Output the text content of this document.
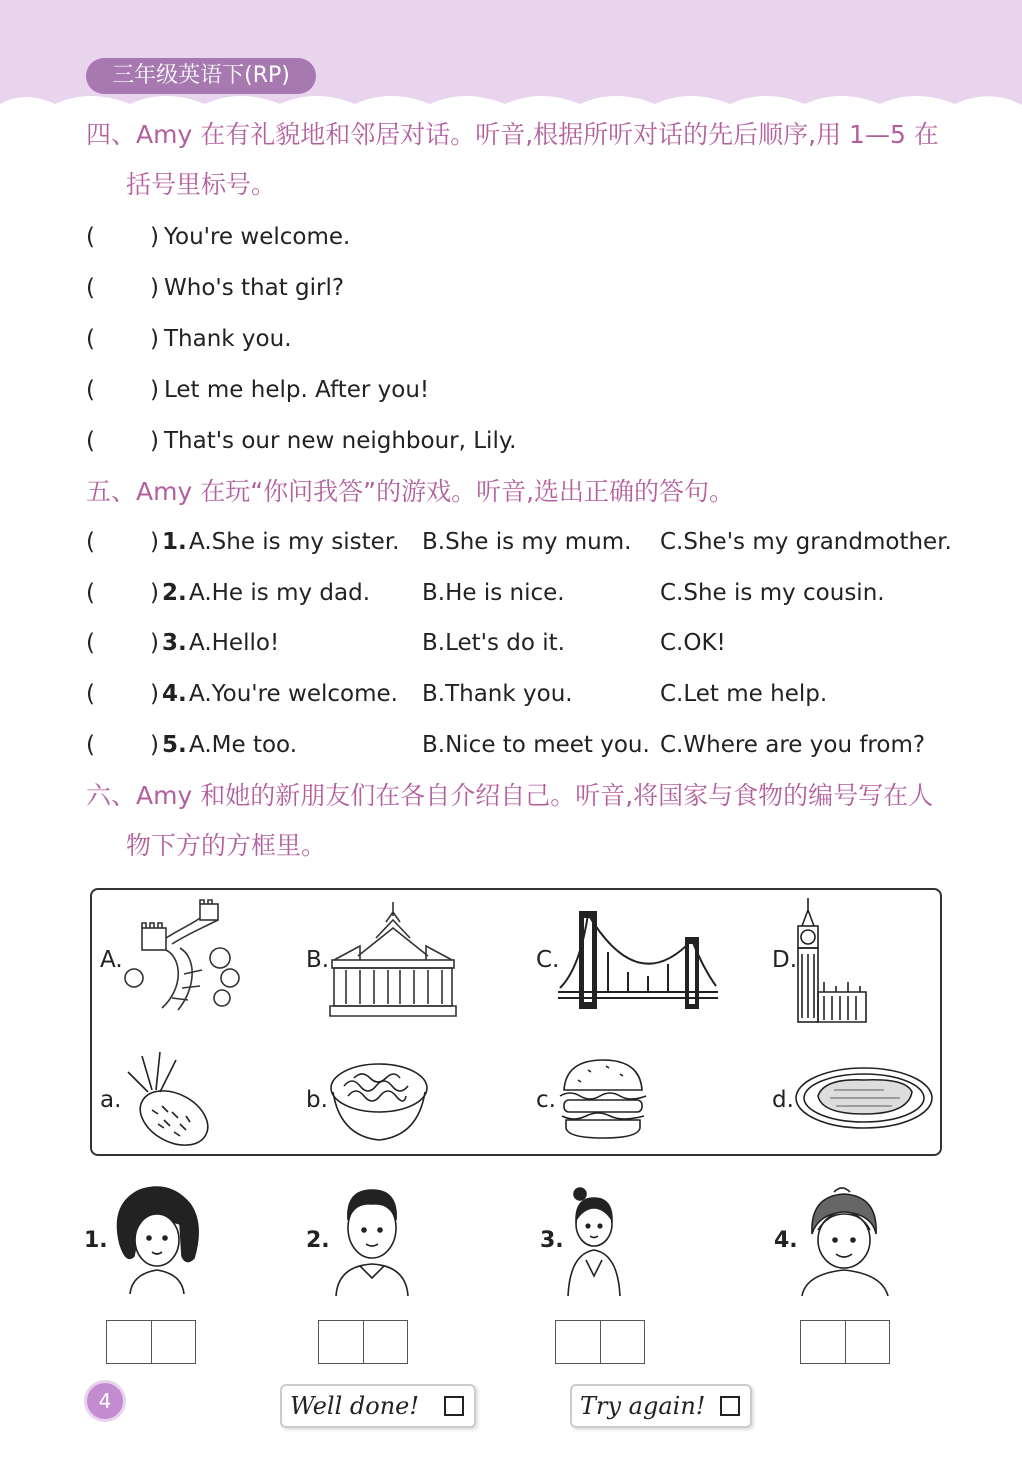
三年级英语下(RP)
四、Amy 在有礼貌地和邻居对话。听音,根据所听对话的先后顺序,用 1—5 在
括号里标号。
( ) You're welcome.
( ) Who's that girl?
( ) Thank you.
( ) Let me help. After you!
( ) That's our new neighbour, Lily.
五、Amy 在玩“你问我答”的游戏。听音,选出正确的答句。
( ) 1. A.She is my sister. B.She is my mum. C.She's my grandmother.
( ) 2. A.He is my dad. B.He is nice.	C.She is my cousin.
( ) 3. A.Hello!	B.Let's do it.	C.OK!
( ) 4. A.You're welcome. B.Thank you.	C.Let me help.
( ) 5. A.Me too.	B.Nice to meet you. C.Where are you from?
六、Amy 和她的新朋友们在各自介绍自己。听音,将国家与食物的编号写在人
物下方的方框里。
A.	B.	C.	D.
a.	b.	c.	d.
1.	2.	3.	4.
4	Well done!	Try again!
